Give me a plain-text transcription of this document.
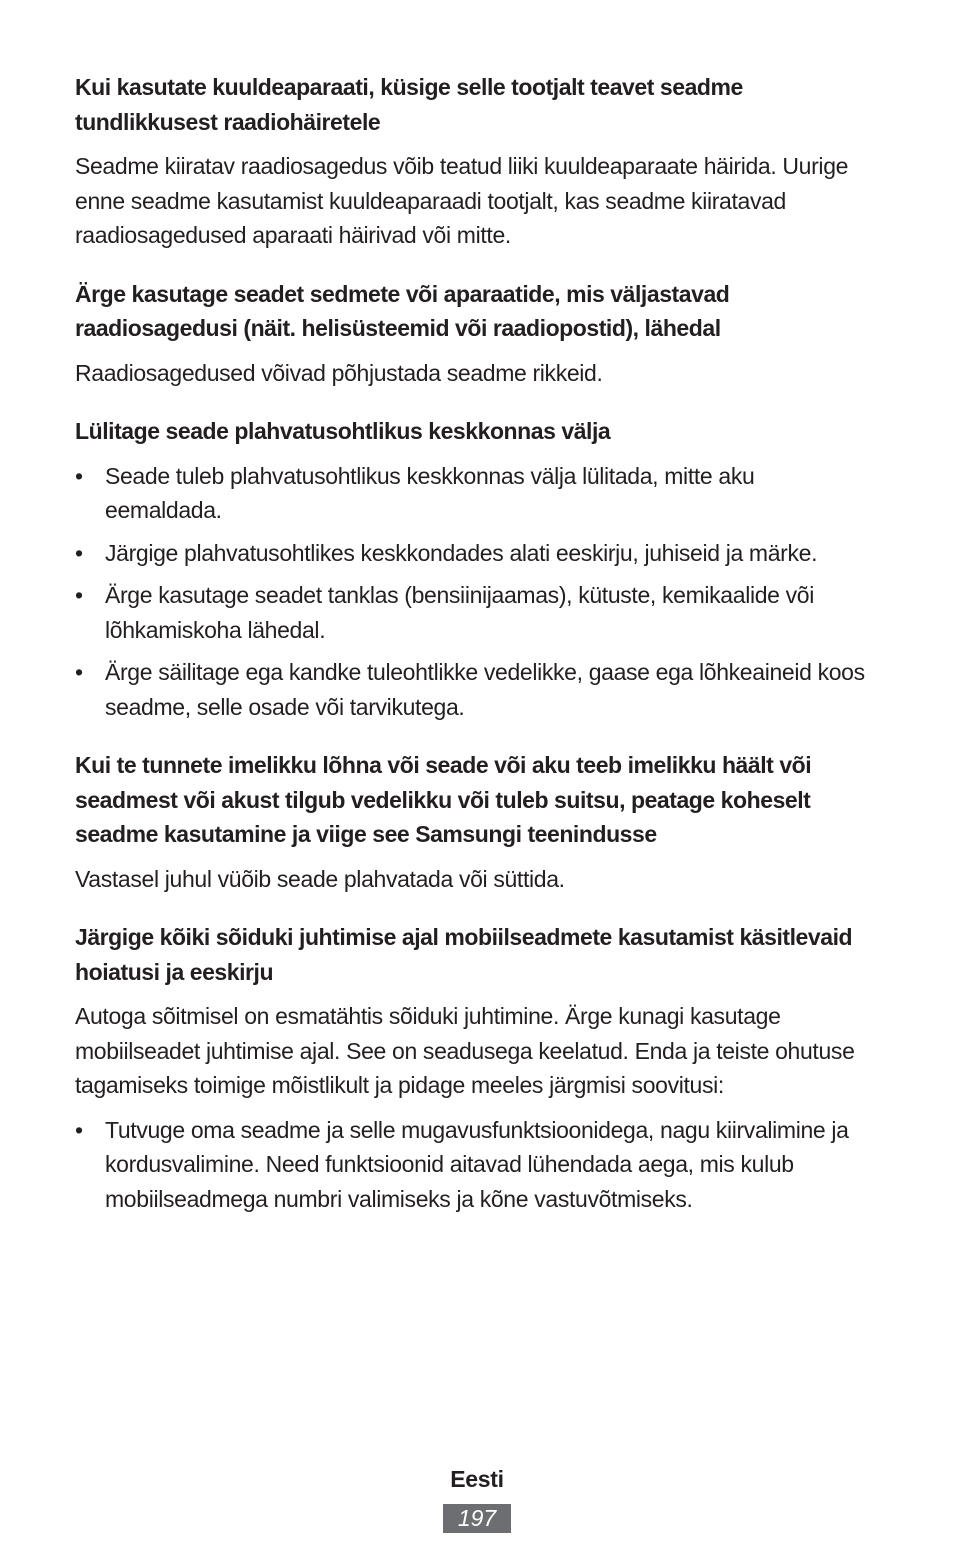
Kui kasutate kuuldeaparaati, küsige selle tootjalt teavet seadme tundlikkusest raadiohäiretele

Seadme kiiratav raadiosagedus võib teatud liiki kuuldeaparaate häirida. Uurige enne seadme kasutamist kuuldeaparaadi tootjalt, kas seadme kiiratavad raadiosagedused aparaati häirivad või mitte.

Ärge kasutage seadet sedmete või aparaatide, mis väljastavad raadiosagedusi (näit. helisüsteemid või raadiopostid), lähedal

Raadiosagedused võivad põhjustada seadme rikkeid.

Lülitage seade plahvatusohtlikus keskkonnas välja
• Seade tuleb plahvatusohtlikus keskkonnas välja lülitada, mitte aku eemaldada.
• Järgige plahvatusohtlikes keskkondades alati eeskirju, juhiseid ja märke.
• Ärge kasutage seadet tanklas (bensiinijaamas), kütuste, kemikaalide või lõhkamiskoha lähedal.
• Ärge säilitage ega kandke tuleohtlikke vedelikke, gaase ega lõhkeaineid koos seadme, selle osade või tarvikutega.
Kui te tunnete imelikku lõhna või seade või aku teeb imelikku häält või seadmest või akust tilgub vedelikku või tuleb suitsu, peatage koheselt seadme kasutamine ja viige see Samsungi teenindusse

Vastasel juhul vüõib seade plahvatada või süttida.

Järgige kõiki sõiduki juhtimise ajal mobiilseadmete kasutamist käsitlevaid hoiatusi ja eeskirju

Autoga sõitmisel on esmatähtis sõiduki juhtimine. Ärge kunagi kasutage mobiilseadet juhtimise ajal. See on seadusega keelatud. Enda ja teiste ohutuse tagamiseks toimige mõistlikult ja pidage meeles järgmisi soovitusi:

• Tutvuge oma seadme ja selle mugavusfunktsioonidega, nagu kiirvalimine ja kordusvalimine. Need funktsioonid aitavad lühendada aega, mis kulub mobiilseadmega numbri valimiseks ja kõne vastuvõtmiseks.
Eesti
197
